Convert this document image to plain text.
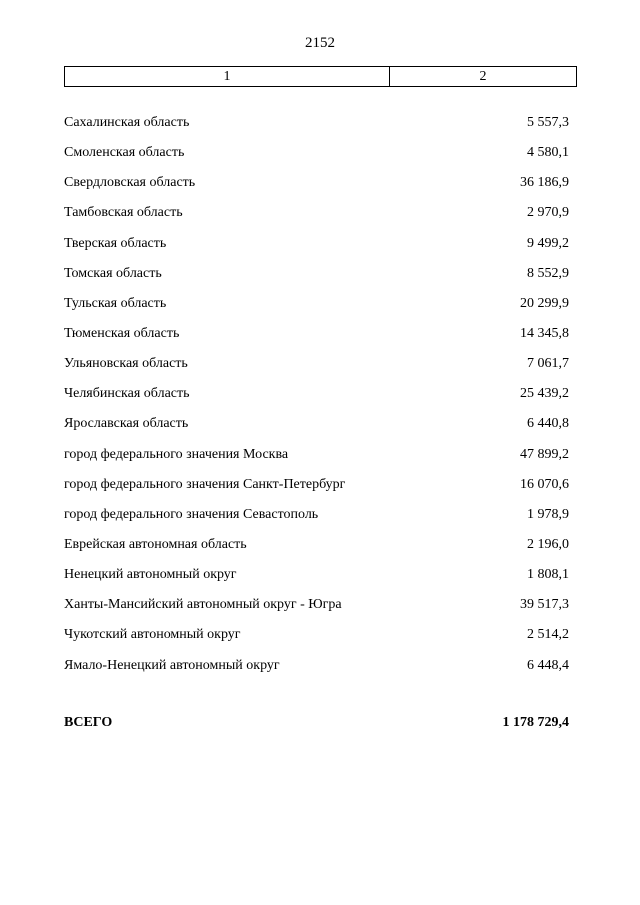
2152
1	2
Сахалинская область	5 557,3
Смоленская область	4 580,1
Свердловская область	36 186,9
Тамбовская область	2 970,9
Тверская область	9 499,2
Томская область	8 552,9
Тульская область	20 299,9
Тюменская область	14 345,8
Ульяновская область	7 061,7
Челябинская область	25 439,2
Ярославская область	6 440,8
город федерального значения Москва	47 899,2
город федерального значения Санкт-Петербург	16 070,6
город федерального значения Севастополь	1 978,9
Еврейская автономная область	2 196,0
Ненецкий автономный округ	1 808,1
Ханты-Мансийский автономный округ - Югра	39 517,3
Чукотский автономный округ	2 514,2
Ямало-Ненецкий автономный округ	6 448,4
ВСЕГО	1 178 729,4
